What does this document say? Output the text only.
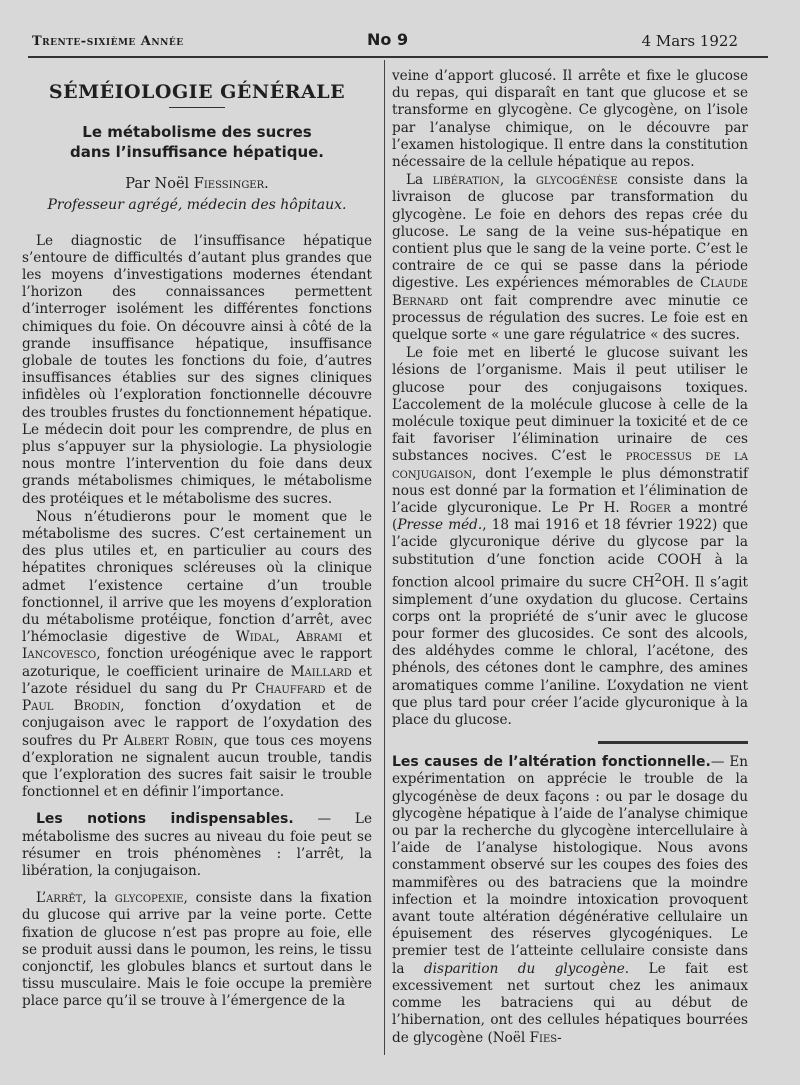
Trente-sixième Année	No 9	4 Mars 1922
SÉMÉIOLOGIE GÉNÉRALE
Le métabolisme des sucres
dans l’insuffisance hépatique.
Par Noël Fiessinger.
Professeur agrégé, médecin des hôpitaux.

Le diagnostic de l’insuffisance hépatique s’entoure de difficultés d’autant plus grandes que les moyens d’investigations modernes étendant l’horizon des connaissances permettent d’interroger isolément les différentes fonctions chimiques du foie. On découvre ainsi à côté de la grande insuffisance hépatique, insuffisance globale de toutes les fonctions du foie, d’autres insuffisances établies sur des signes cliniques infidèles où l’exploration fonctionnelle découvre des troubles frustes du fonctionnement hépatique. Le médecin doit pour les comprendre, de plus en plus s’appuyer sur la physiologie. La physiologie nous montre l’intervention du foie dans deux grands métabolismes chimiques, le métabolisme des protéiques et le métabolisme des sucres.

Nous n’étudierons pour le moment que le métabolisme des sucres. C’est certainement un des plus utiles et, en particulier au cours des hépatites chroniques scléreuses où la clinique admet l’existence certaine d’un trouble fonctionnel, il arrive que les moyens d’exploration du métabolisme protéique, fonction d’arrêt, avec l’hémoclasie digestive de Widal, Abrami et Iancovesco, fonction uréogénique avec le rapport azoturique, le coefficient urinaire de Maillard et l’azote résiduel du sang du Pr Chauffard et de Paul Brodin, fonction d’oxydation et de conjugaison avec le rapport de l’oxydation des soufres du Pr Albert Robin, que tous ces moyens d’exploration ne signalent aucun trouble, tandis que l’exploration des sucres fait saisir le trouble fonctionnel et en définir l’importance.

Les notions indispensables. — Le métabolisme des sucres au niveau du foie peut se résumer en trois phénomènes : l’arrêt, la libération, la conjugaison.

L’arrêt, la glycopexie, consiste dans la fixation du glucose qui arrive par la veine porte. Cette fixation de glucose n’est pas propre au foie, elle se produit aussi dans le poumon, les reins, le tissu conjonctif, les globules blancs et surtout dans le tissu musculaire. Mais le foie occupe la première place parce qu’il se trouve à l’émergence de la

veine d’apport glucosé. Il arrête et fixe le glucose du repas, qui disparaît en tant que glucose et se transforme en glycogène. Ce glycogène, on l’isole par l’analyse chimique, on le découvre par l’examen histologique. Il entre dans la constitution nécessaire de la cellule hépatique au repos.

La libération, la glycogénèse consiste dans la livraison de glucose par transformation du glycogène. Le foie en dehors des repas crée du glucose. Le sang de la veine sus-hépatique en contient plus que le sang de la veine porte. C’est le contraire de ce qui se passe dans la période digestive. Les expériences mémorables de Claude Bernard ont fait comprendre avec minutie ce processus de régulation des sucres. Le foie est en quelque sorte « une gare régulatrice « des sucres.

Le foie met en liberté le glucose suivant les lésions de l’organisme. Mais il peut utiliser le glucose pour des conjugaisons toxiques. L’accolement de la molécule glucose à celle de la molécule toxique peut diminuer la toxicité et de ce fait favoriser l’élimination urinaire de ces substances nocives. C’est le processus de la conjugaison, dont l’exemple le plus démonstratif nous est donné par la formation et l’élimination de l’acide glycuronique. Le Pr H. Roger a montré (Presse méd., 18 mai 1916 et 18 février 1922) que l’acide glycuronique dérive du glycose par la substitution d’une fonction acide COOH à la fonction alcool primaire du sucre $CH^2OH$. Il s’agit simplement d’une oxydation du glucose. Certains corps ont la propriété de s’unir avec le glucose pour former des glucosides. Ce sont des alcools, des aldéhydes comme le chloral, l’acétone, des phénols, des cétones dont le camphre, des amines aromatiques comme l’aniline. L’oxydation ne vient que plus tard pour créer l’acide glycuronique à la place du glucose.

Les causes de l’altération fonctionnelle.— En expérimentation on apprécie le trouble de la glycogénèse de deux façons : ou par le dosage du glycogène hépatique à l’aide de l’analyse chimique ou par la recherche du glycogène intercellulaire à l’aide de l’analyse histologique. Nous avons constamment observé sur les coupes des foies des mammifères ou des batraciens que la moindre infection et la moindre intoxication provoquent avant toute altération dégénérative cellulaire un épuisement des réserves glycogéniques. Le premier test de l’atteinte cellulaire consiste dans la disparition du glycogène. Le fait est excessivement net surtout chez les animaux comme les batraciens qui au début de l’hibernation, ont des cellules hépatiques bourrées de glycogène (Noël Fies-
